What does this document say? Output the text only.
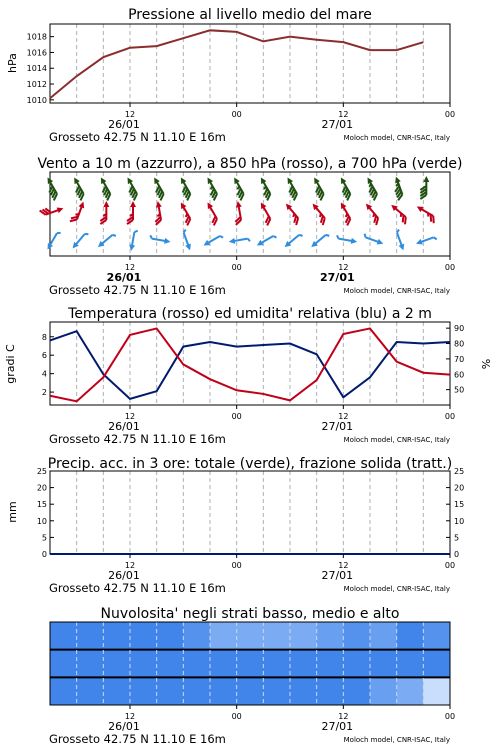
Pressione al livello medio del mare
1010
1012
1014
1016
1018
hPa
12	00	12	00
26/01	27/01
Grosseto 42.75 N 11.10 E 16m	Moloch model, CNR-ISAC, Italy
Vento a 10 m (azzurro), a 850 hPa (rosso), a 700 hPa (verde)
12	00	12	00
26/01	27/01
Grosseto 42.75 N 11.10 E 16m	Moloch model, CNR-ISAC, Italy
Temperatura (rosso) ed umidita' relativa (blu) a 2 m
2
4
6
8
50
60
70
80
90
gradi C	%
12	00	12	00
26/01	27/01
Grosseto 42.75 N 11.10 E 16m	Moloch model, CNR-ISAC, Italy
Precip. acc. in 3 ore: totale (verde), frazione solida (tratt.)
0
5
10
15
20
25
0
5
10
15
20
25
mm
12	00	12	00
26/01	27/01
Grosseto 42.75 N 11.10 E 16m	Moloch model, CNR-ISAC, Italy
Nuvolosita' negli strati basso, medio e alto
12	00	12	00
26/01	27/01
Grosseto 42.75 N 11.10 E 16m	Moloch model, CNR-ISAC, Italy
